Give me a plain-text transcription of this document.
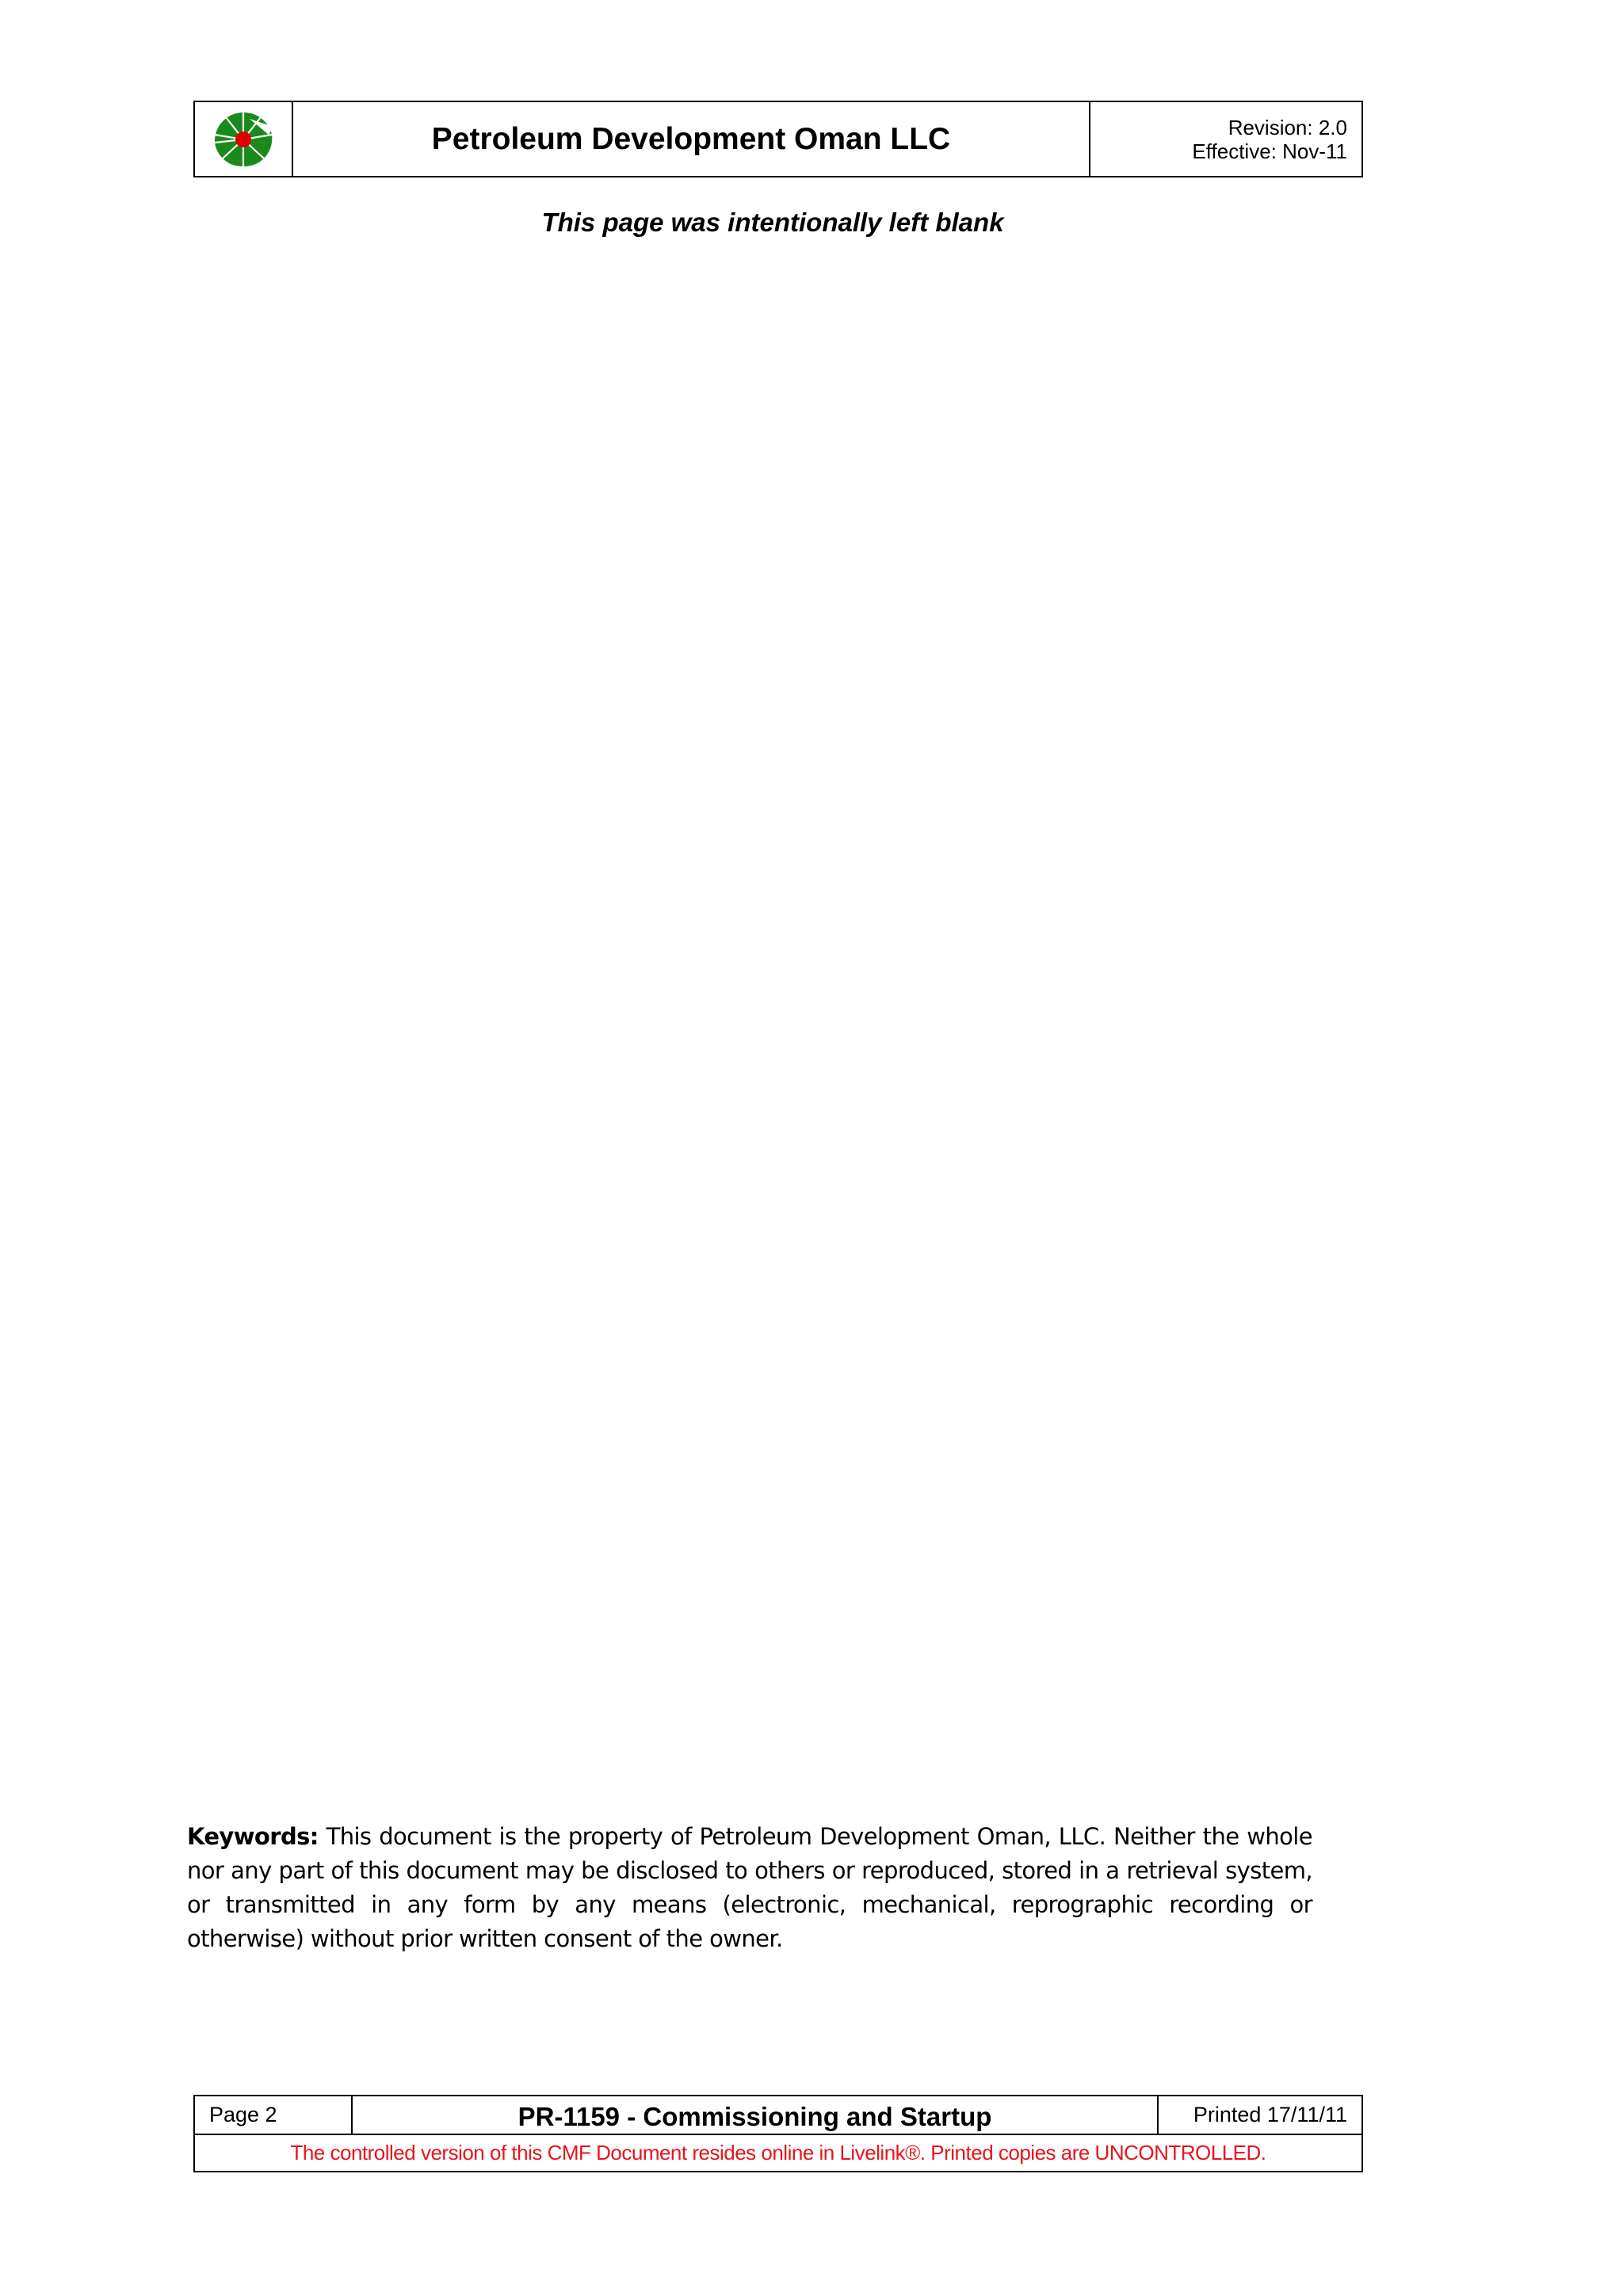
Petroleum Development Oman LLC	Revision: 2.0
Effective: Nov-11
This page was intentionally left blank
Keywords: This document is the property of Petroleum Development Oman, LLC. Neither the whole nor any part of this document may be disclosed to others or reproduced, stored in a retrieval system, or transmitted in any form by any means (electronic, mechanical, reprographic recording or otherwise) without prior written consent of the owner.
Page 2	PR-1159 - Commissioning and Startup	Printed 17/11/11
The controlled version of this CMF Document resides online in Livelink®. Printed copies are UNCONTROLLED.
